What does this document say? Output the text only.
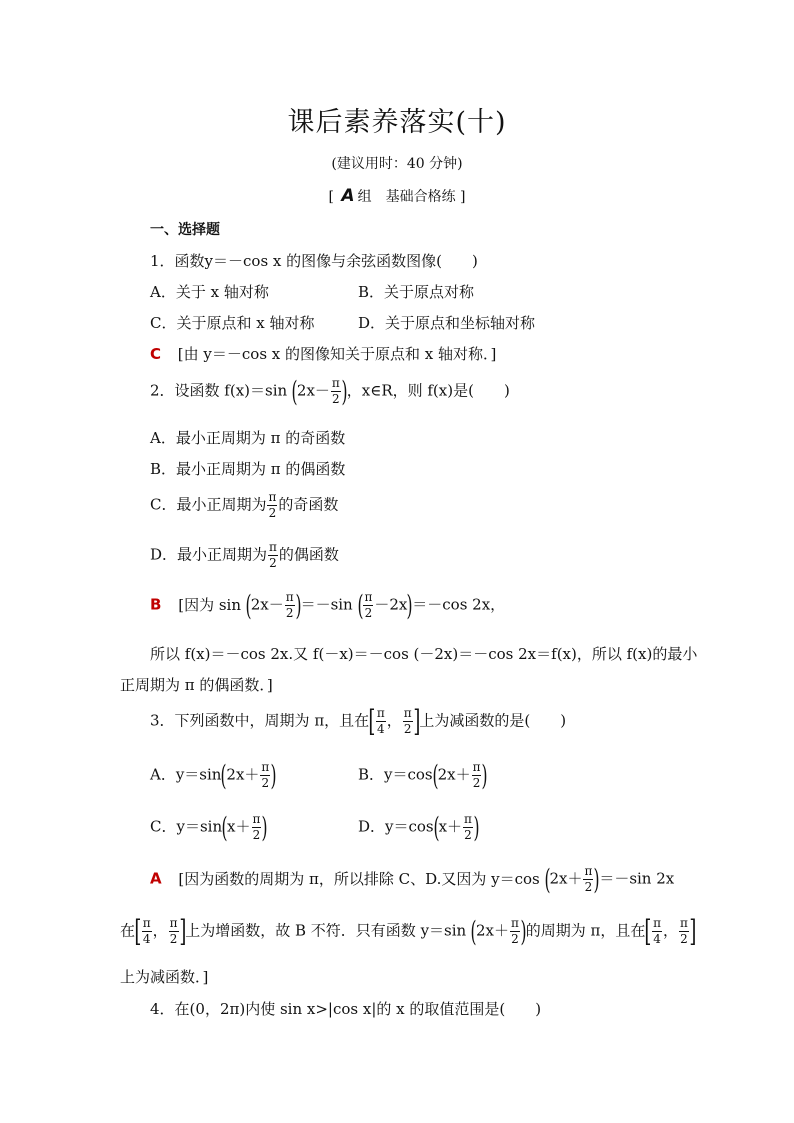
课后素养落实(十)
(建议用时：40 分钟)
[ A 组　基础合格练 ]
一、选择题
1．函数y＝－cos x 的图像与余弦函数图像(　　)
A．关于 x 轴对称	B．关于原点对称
C．关于原点和 x 轴对称	D．关于原点和坐标轴对称
C [由 y＝－cos x 的图像知关于原点和 x 轴对称．]
2．设函数 f(x)＝sin ($2x- \frac{\pi}{2}$ )，x∈R，则 f(x)是(　　)
A．最小正周期为 π 的奇函数
B．最小正周期为 π 的偶函数
C．最小正周期为 $\frac{\pi}{2}$ 的奇函数
D．最小正周期为 $\frac{\pi}{2}$ 的偶函数
B [因为 $\sin (2x- \frac{\pi}{2} )=-\sin$ ( $\frac{\pi}{2} -2x)=-\cos$ 2x，
所以 f(x)＝－cos 2x.又 f(－x)＝－cos (－2x)＝－cos 2x＝f(x)，所以 f(x)的最小
正周期为 π 的偶函数．]
3．下列函数中，周期为 π，且在[ $\frac{\pi}{4}$ ， $\frac{\pi}{2}$ ]上为减函数的是(　　)
A．$y=\sin(2x+ \frac{\pi}{2}$ )	B．$y=\cos(2x+ \frac{\pi}{2}$ )
C．$y=\sin(x+ \frac{\pi}{2}$ )	D．$y=\cos(x+ \frac{\pi}{2}$ )
A [因为函数的周期为 π，所以排除 C、D.又因为 y＝cos $(2x+ \frac{\pi}{2} )=-\sin$ 2x
在[ $\frac{\pi}{4}$ ， $\frac{\pi}{2}$ ]上为增函数，故 B 不符．只有函数 y＝sin ($2x+ \frac{\pi}{2}$ )的周期为 π，且在[ $\frac{\pi}{4}$ ， $\frac{\pi}{2}$ ]
上为减函数．]
4．在(0，2π)内使 sin x>|cos x|的 x 的取值范围是(　　)
